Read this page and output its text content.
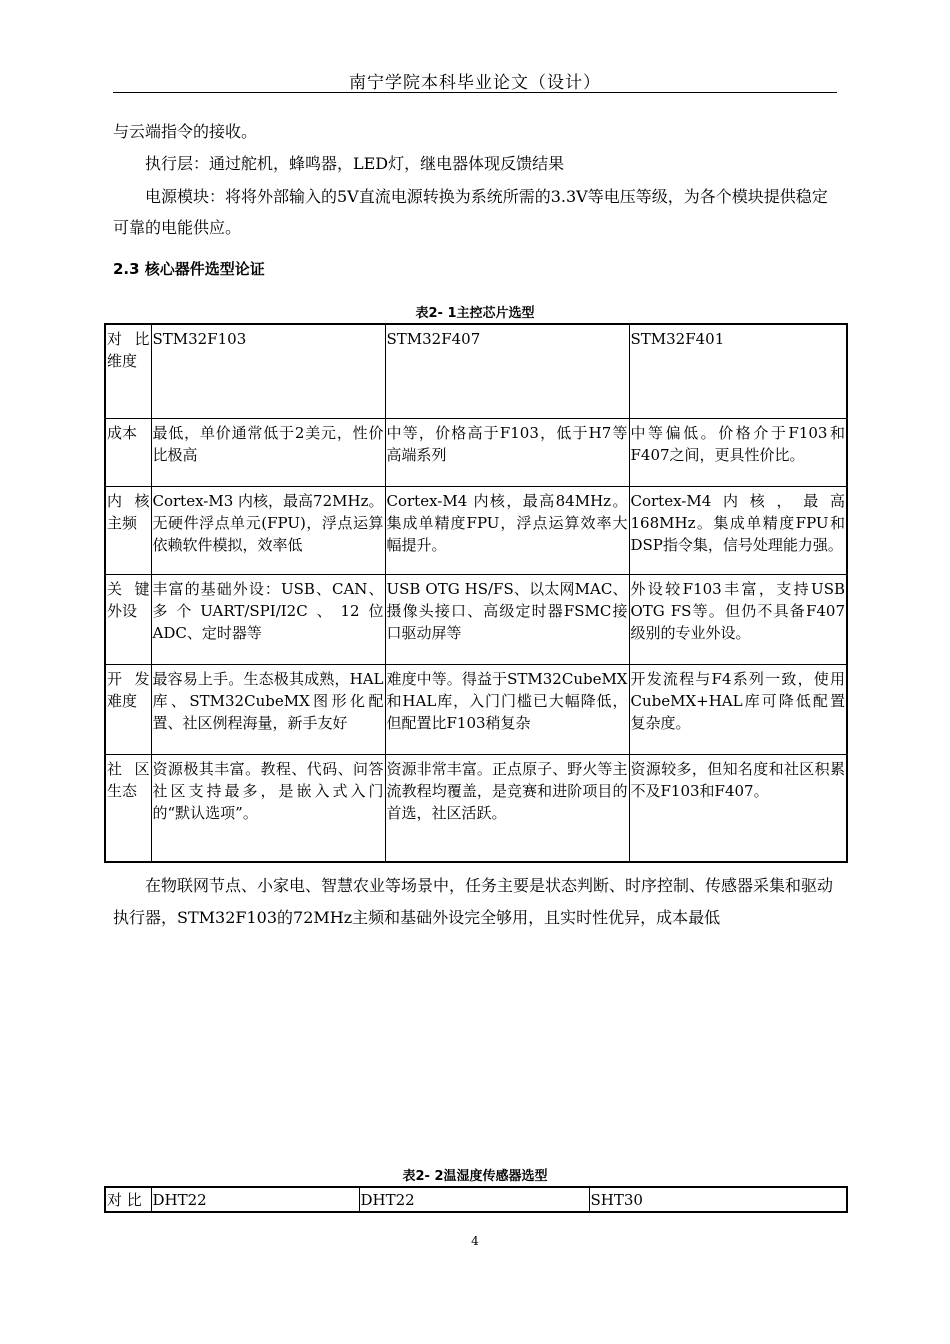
南宁学院本科毕业论文（设计）
与云端指令的接收。
执行层：通过舵机，蜂鸣器，LED灯，继电器体现反馈结果
电源模块：将将外部输入的5V直流电源转换为系统所需的3.3V等电压等级，为各个模块提供稳定可靠的电能供应。
2.3 核心器件选型论证
表2- 1主控芯片选型
对比维度	STM32F103	STM32F407	STM32F401
成本	最低，单价通常低于2美元，性价比极高	中等，价格高于F103，低于H7等高端系列	中等偏低。价格介于F103和F407之间，更具性价比。
内核主频	Cortex-M3 内核，最高72MHz。无硬件浮点单元(FPU)，浮点运算依赖软件模拟，效率低	Cortex-M4 内核，最高84MHz。集成单精度FPU，浮点运算效率大幅提升。	Cortex-M4内核，最高168MHz。集成单精度FPU和DSP指令集，信号处理能力强。
关键外设	丰富的基础外设：USB、CAN、多个UART/SPI/I2C、12位ADC、定时器等	USB OTG HS/FS、以太网MAC、摄像头接口、高级定时器FSMC接口驱动屏等	外设较F103丰富，支持USB OTG FS等。但仍不具备F407级别的专业外设。
开发难度	最容易上手。生态极其成熟，HAL库、STM32CubeMX图形化配置、社区例程海量，新手友好	难度中等。得益于STM32CubeMX和HAL库，入门门槛已大幅降低，但配置比F103稍复杂	开发流程与F4系列一致，使用CubeMX+HAL库可降低配置复杂度。
社区生态	资源极其丰富。教程、代码、问答社区支持最多，是嵌入式入门的“默认选项”。	资源非常丰富。正点原子、野火等主流教程均覆盖，是竞赛和进阶项目的首选，社区活跃。	资源较多，但知名度和社区积累不及F103和F407。
在物联网节点、小家电、智慧农业等场景中，任务主要是状态判断、时序控制、传感器采集和驱动执行器，STM32F103的72MHz主频和基础外设完全够用，且实时性优异，成本最低
表2- 2温湿度传感器选型
对 比	DHT22	DHT22	SHT30
4
